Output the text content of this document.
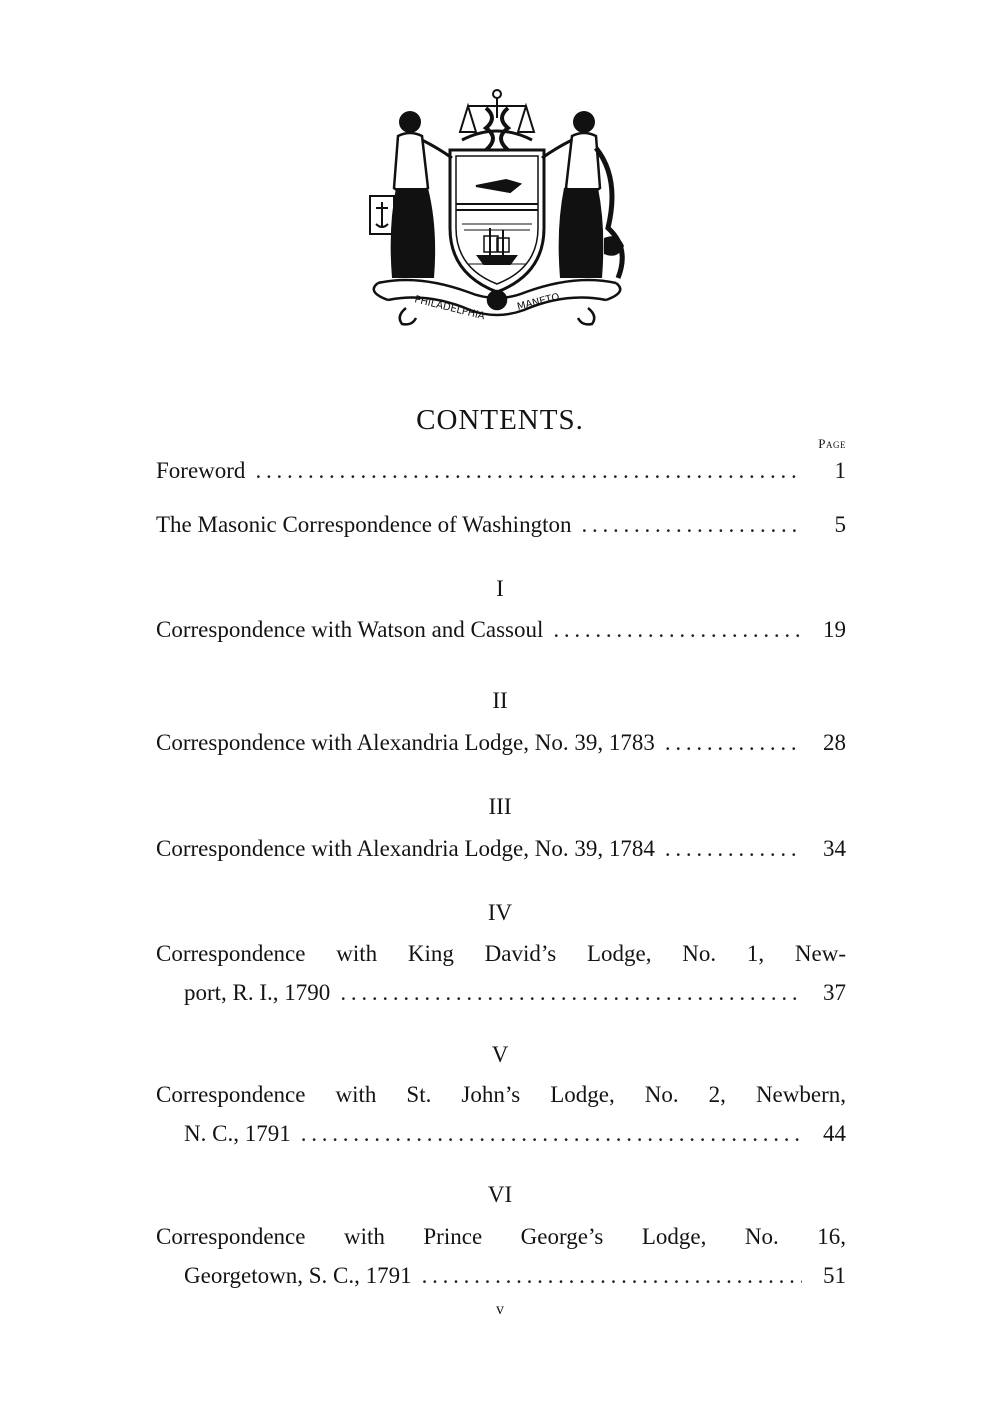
PHILADELPHIA	MANETO
CONTENTS.
Page
Foreword . . .	1
The Masonic Correspondence of Washington . . .	5
I
Correspondence with Watson and Cassoul . . .	19
II
Correspondence with Alexandria Lodge, No. 39, 1783 . . .	28
III
Correspondence with Alexandria Lodge, No. 39, 1784 . . .	34
IV
Correspondence with King David’s Lodge, No. 1, New-
port, R. I., 1790 . . .	37
V
Correspondence with St. John’s Lodge, No. 2, Newbern,
N. C., 1791 . . .	44
VI
Correspondence with Prince George’s Lodge, No. 16,
Georgetown, S. C., 1791 . . .	51
v
